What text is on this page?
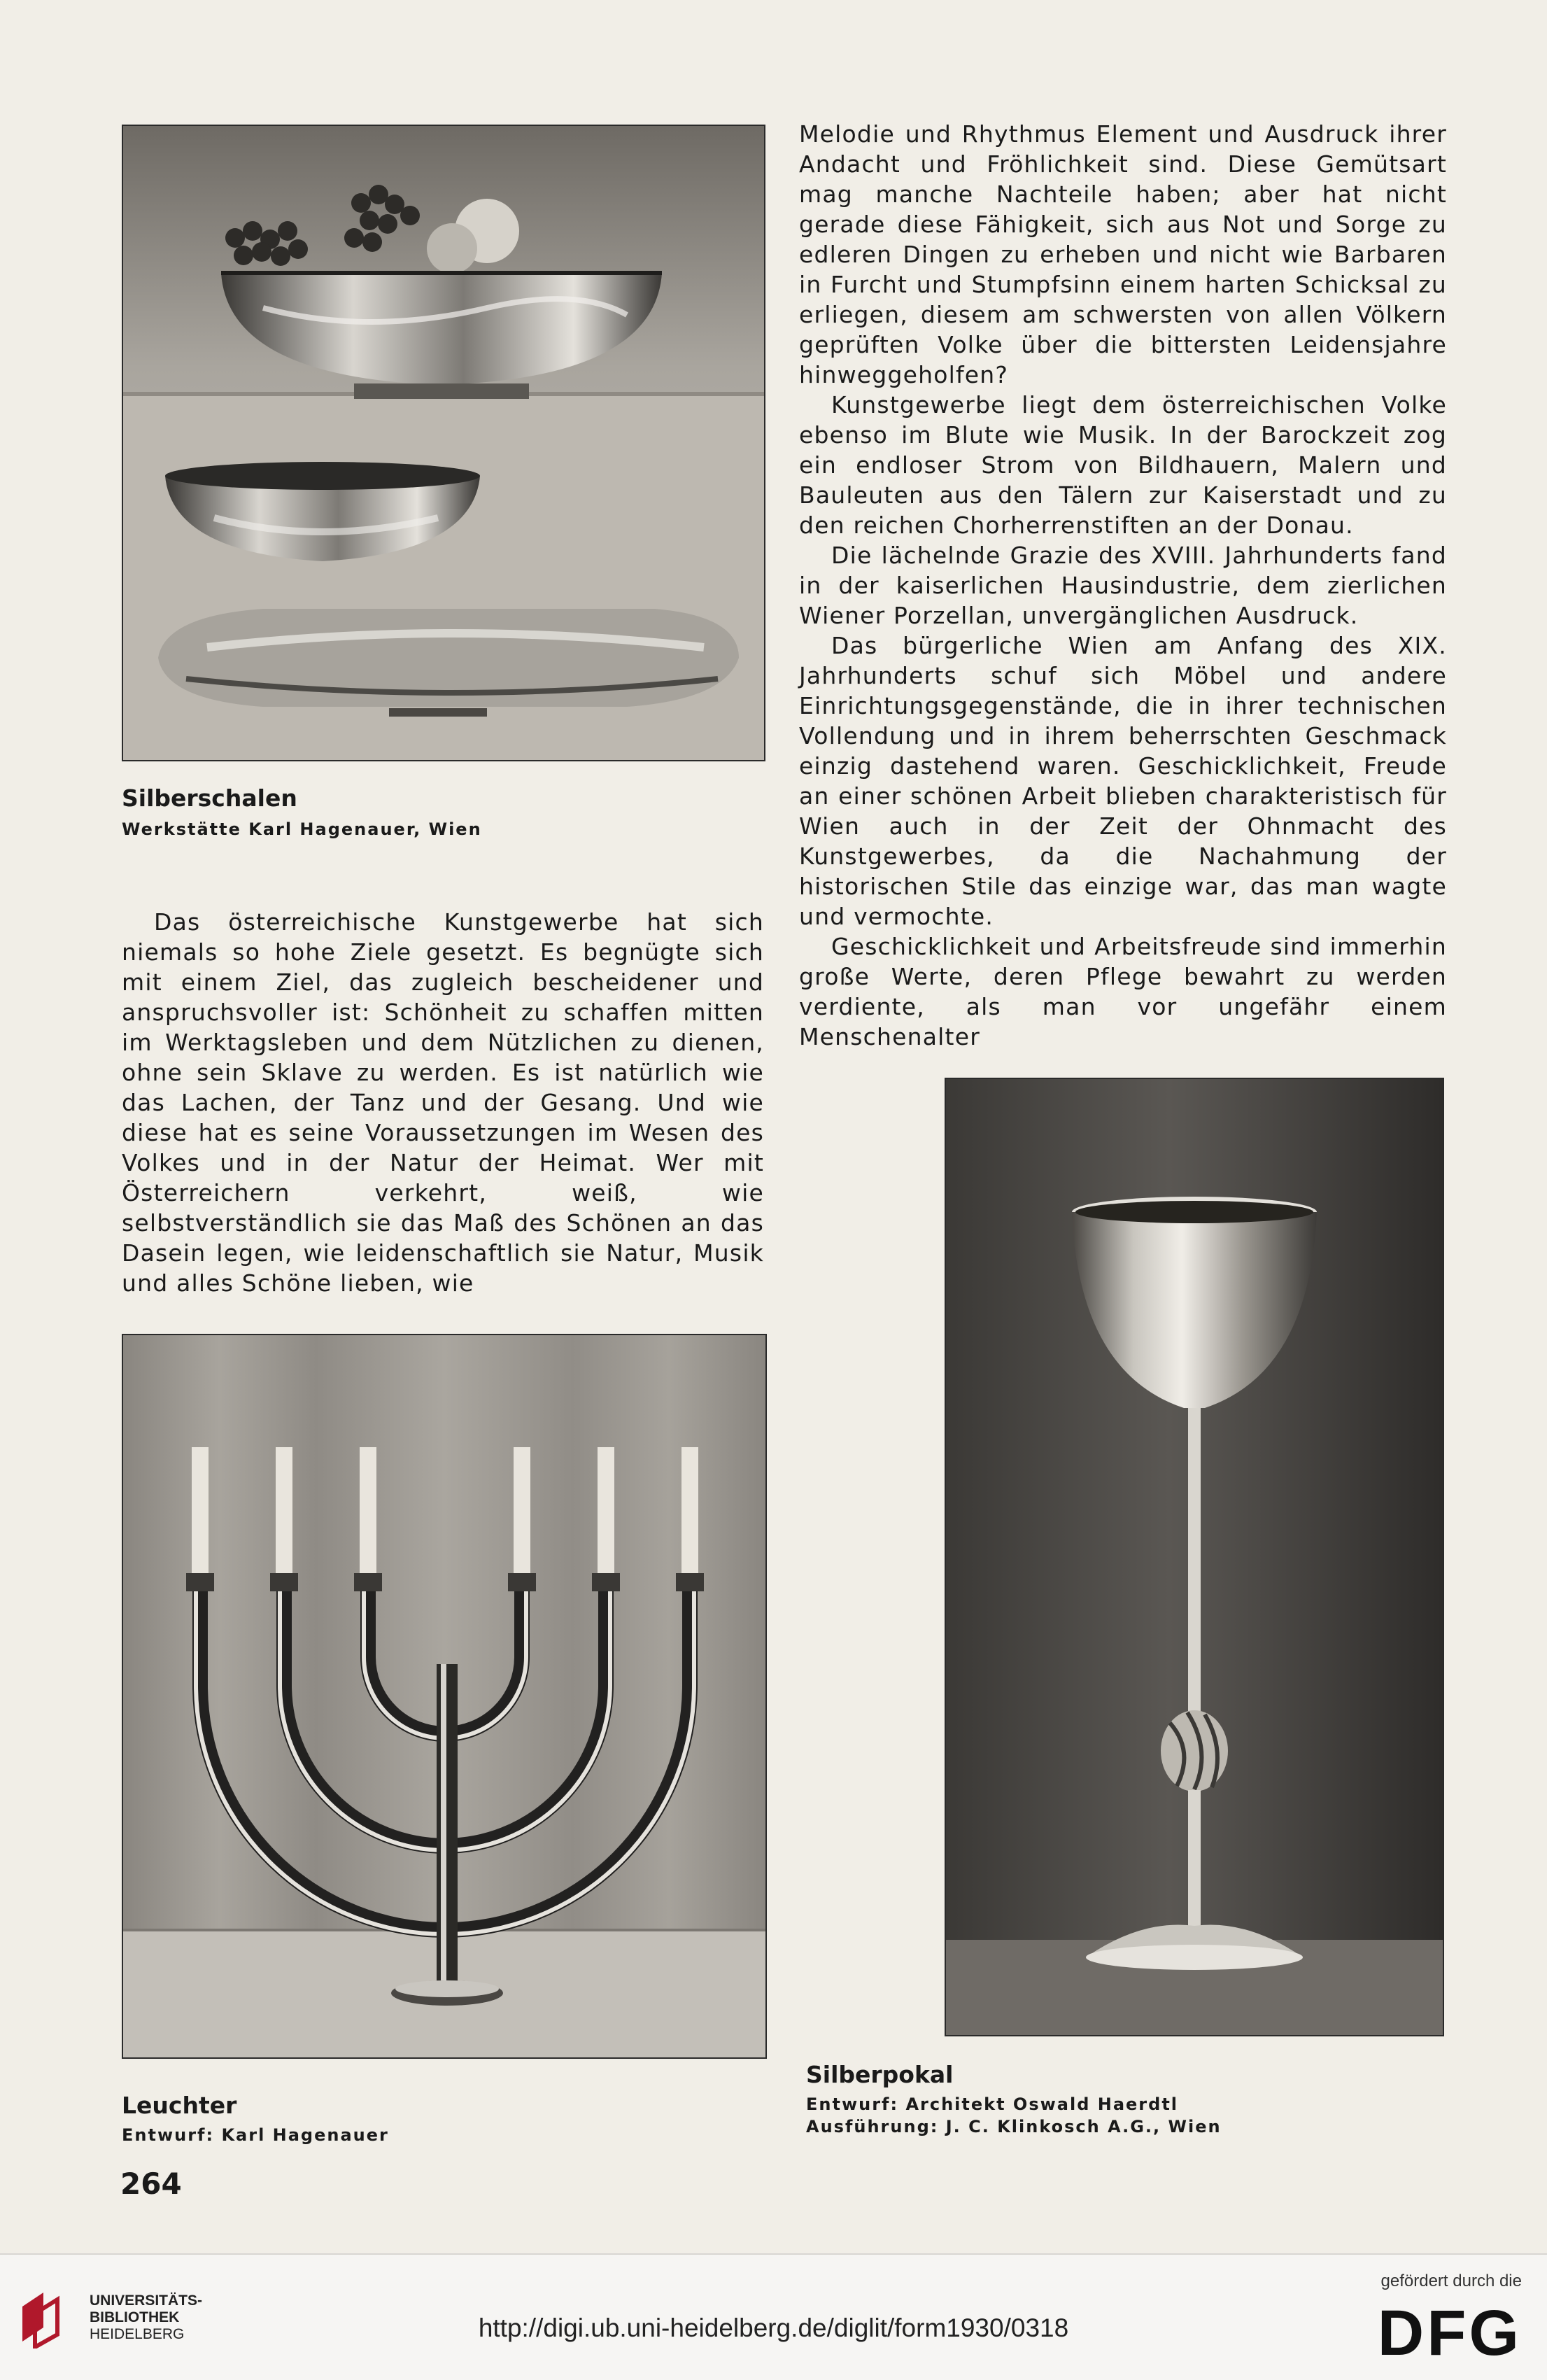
Silberschalen
Werkstätte Karl Hagenauer, Wien

Das österreichische Kunstgewerbe hat sich niemals so hohe Ziele gesetzt. Es begnügte sich mit einem Ziel, das zugleich bescheidener und anspruchsvoller ist: Schönheit zu schaffen mitten im Werktagsleben und dem Nützlichen zu dienen, ohne sein Sklave zu werden. Es ist natürlich wie das Lachen, der Tanz und der Gesang. Und wie diese hat es seine Voraussetzungen im Wesen des Volkes und in der Natur der Heimat. Wer mit Österreichern verkehrt, weiß, wie selbstverständlich sie das Maß des Schönen an das Dasein legen, wie leidenschaftlich sie Natur, Musik und alles Schöne lieben, wie

Melodie und Rhythmus Element und Ausdruck ihrer Andacht und Fröhlichkeit sind. Diese Gemütsart mag manche Nachteile haben; aber hat nicht gerade diese Fähigkeit, sich aus Not und Sorge zu edleren Dingen zu erheben und nicht wie Barbaren in Furcht und Stumpfsinn einem harten Schicksal zu erliegen, diesem am schwersten von allen Völkern geprüften Volke über die bittersten Leidensjahre hinweggeholfen?

Kunstgewerbe liegt dem österreichischen Volke ebenso im Blute wie Musik. In der Barockzeit zog ein endloser Strom von Bildhauern, Malern und Bauleuten aus den Tälern zur Kaiserstadt und zu den reichen Chorherrenstiften an der Donau.

Die lächelnde Grazie des XVIII. Jahrhunderts fand in der kaiserlichen Hausindustrie, dem zierlichen Wiener Porzellan, unvergänglichen Ausdruck.

Das bürgerliche Wien am Anfang des XIX. Jahrhunderts schuf sich Möbel und andere Einrichtungsgegenstände, die in ihrer technischen Vollendung und in ihrem beherrschten Geschmack einzig dastehend waren. Geschicklichkeit, Freude an einer schönen Arbeit blieben charakteristisch für Wien auch in der Zeit der Ohnmacht des Kunstgewerbes, da die Nachahmung der historischen Stile das einzige war, das man wagte und vermochte.

Geschicklichkeit und Arbeitsfreude sind immerhin große Werte, deren Pflege bewahrt zu werden verdiente, als man vor ungefähr einem Menschenalter

Leuchter
Entwurf: Karl Hagenauer
Silberpokal
Entwurf: Architekt Oswald Haerdtl
Ausführung: J. C. Klinkosch A.G., Wien
264
UNIVERSITÄTS-
BIBLIOTHEK
HEIDELBERG	http://digi.ub.uni-heidelberg.de/diglit/form1930/0318
gefördert durch die
DFG
